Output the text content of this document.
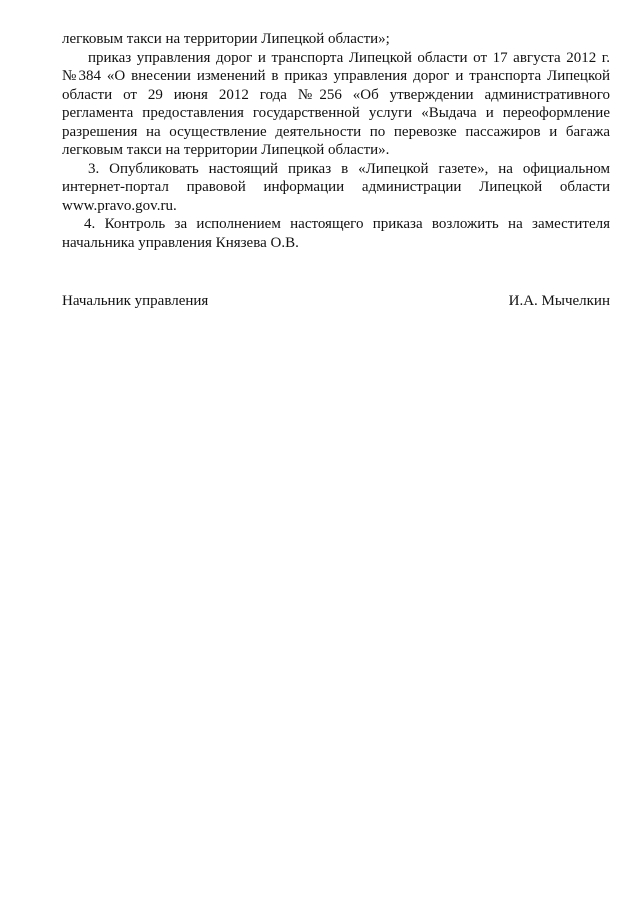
легковым такси на территории Липецкой области»;

приказ управления дорог и транспорта Липецкой области от 17 августа 2012 г. №384 «О внесении изменений в приказ управления дорог и транспорта Липецкой области от 29 июня 2012 года №256 «Об утверждении административного регламента предоставления государственной услуги «Выдача и переоформление разрешения на осуществление деятельности по перевозке пассажиров и багажа легковым такси на территории Липецкой области».

3. Опубликовать настоящий приказ в «Липецкой газете», на официальном интернет-портал правовой информации администрации Липецкой области www.pravo.gov.ru.

4. Контроль за исполнением настоящего приказа возложить на заместителя начальника управления Князева О.В.

Начальник управления	И.А. Мычелкин
